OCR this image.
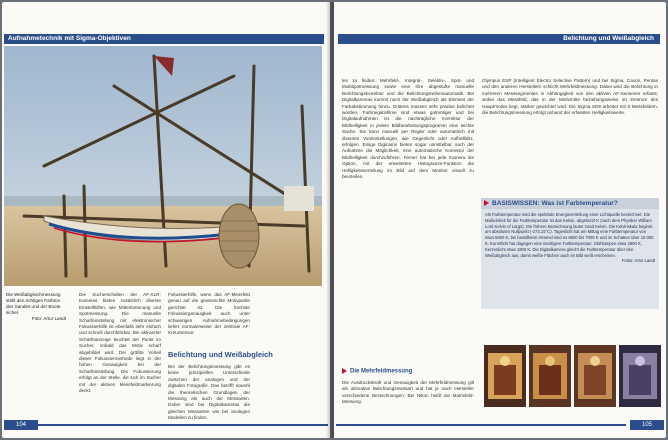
Aufnahmetechnik mit Sigma-Objektiven
Die Weißabgleichmessung stellt den richtigen Farbton des Sandes und der Boote sicher.
Foto: Artur Landt

Die Sucherschalten der AF-SLR-Kameras bieten zusätzlich diverse Einstellhilfen, wie Mittenbetonung und Spotmessung. Die manuelle Scharfeinstellung mit elektronischer Fokussierhilfe ist ebenfalls sehr einfach und schnell durchführbar. Bei aktivierter Schärfeanzeige leuchtet der Punkt im Sucher, sobald das Motiv scharf abgebildet wird. Der größte Vorteil dieser Fokussiermethode liegt in der hohen Genauigkeit bei der Scharfeinstellung. Die Fokussierung erfolgt an der Stelle, die sich im Sucher mit der aktiven Messfeldmarkierung deckt.

Fokussierhilfe, wenn das AF-Messfeld genau auf die gewünschte Motivpartie gerichtet ist. Die höchste Fokussiergenauigkeit auch unter schwierigen Aufnahmebedingungen liefert normalerweise der zentrale AF-Kreuzsensor.

Belichtung und Weißabgleich

Bei der Belichtungsmessung gibt es keine prinzipiellen Unterschiede zwischen der analogen und der digitalen Fotografie. Das betrifft sowohl die theoretischen Grundlagen der Messung als auch die Messarten. Daher sind bei Digitalkameras die gleichen Messarten wie bei analogen Modellen zu finden.

104
Belichtung und Weißabgleich

les zu finden: Mehrfeld-, Integral-, Selektiv-, Spot- und Multispotmessung sowie eine Ihre abgestufte manuelle Belichtungskorrektur und die Belichtungsreihenautomatik. Bei Digitalkameras kommt noch der Weißabgleich als Element der Farbabstimmung hinzu. Drittens müssen sehr präzise belichtet werden, Farbnegativfilme sind etwas gutmütiger und bei Digitalaufnahmen ist die nachträgliche Korrektur der Bildhelligkeit in jedem Bildbearbeitungsprogramm eine leichte Sache. Sie kann manuell per Regler oder automatisch mit diversen Voreinstellungen, wie Gegenlicht oder Aufhellblitz, erfolgen. Einige Digicams bieten sogar unmittelbar nach der Aufnahme die Möglichkeit, eine automatische Korrektur der Bildhelligkeit durchzuführen. Ferner hat bei jede Kamera die Option, mit der erweiterten Histogramm-Funktion die Helligkeitsverteilung im Bild auf dem Monitor visuell zu beurteilen.

Die Mehrfeldmessung

Die Ausdruckskraft und Genauigkeit der Mehrfeldmessung gilt als ultimative Belichtungsmessart und hat je nach Hersteller verschiedene Bezeichnungen: Bei Nikon heißt sie Matrixfeld-Messung.

Olympus ESP (Intelligent Electro Selective Pattern) und bei Sigma, Canon, Pentax und den anderen Herstellern schlicht Mehrfeldmessung. Dabei wird die Belichtung in mehreren Messsegmenten in Abhängigkeit von den aktiven AF-Sensoren erfasst, wobei das Messfeld, das in der Motivmitte beziehungsweise im Zentrum des Hauptmotivs liegt, stärker gewichtet wird. Die Sigma SD9 arbeitet mit 8 Messfeldern, die Belichtungsmessung erfolgt anhand der erfassten Helligkeitswerte.

BASISWISSEN: Was ist Farbtemperatur?
Als Farbtemperatur wird die spektrale Energieverteilung einer Lichtquelle bezeichnet. Die Maßeinheit für die Farbtemperatur ist das Kelvin, abgekürzt K (nach dem Physiker William Lord Kelvin of Largs). Die frühere Bezeichnung lautet Grad Kelvin. Die Kelvinskala beginnt am absoluten Nullpunkt (-273,15°C). Tageslicht hat am Mittag eine Farbtemperatur von etwa 5500 K, bei bewölktem Himmel sind es 6500 bis 7000 K und im Schatten über 10.000 K. Kunstlicht hat dagegen eine niedrigere Farbtemperatur, Glühlampen etwa 2800 K, Kerzenlicht etwa 1800 K. Die Digitalkamera gleicht die Farbtemperatur über den Weißabgleich aus, damit weiße Flächen auch im Bild weiß erscheinen.
Fotos: Artur Landt
105
